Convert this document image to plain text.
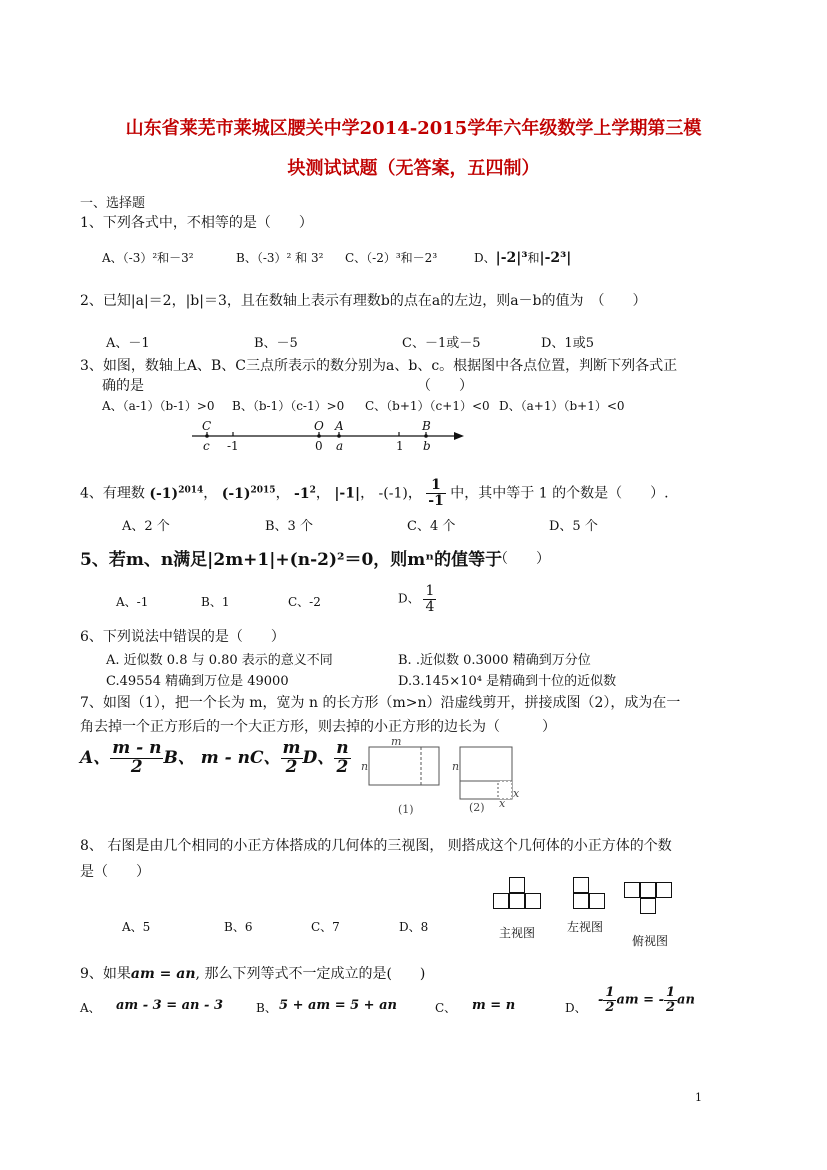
山东省莱芜市莱城区腰关中学2014-2015学年六年级数学上学期第三模
块测试试题（无答案，五四制）
一、选择题
1、下列各式中，不相等的是（　　）
A、（-3）²和－3²	B、（-3）² 和 3² C、（-2）³和－2³	D、|-2|³和|-2³|
2、已知|a|＝2，|b|＝3，且在数轴上表示有理数b的点在a的左边，则a－b的值为　（　　）
A、－1	B、－5	C、－1或－5	D、1或5
3、如图，数轴上A、B、C三点所表示的数分别为a、b、c。根据图中各点位置，判断下列各式正
确的是　　　　　　　　　　　　　　　　　　　　（　　）
A、（a-1）（b-1）>0 B、（b-1）（c-1）>0 C、（b+1）（c+1）<0 D、（a+1）（b+1）<0
C	O A	B
c -1	0 a	1 b
4、有理数 $(-1)^{2014}$， $(-1)^{2015}$， $-1^2$， |-1|， -(-1)， $\frac{1}{-1}$ 中，其中等于 1 的个数是（　　）.
A、2 个	B、3 个	C、4 个	D、5 个
5、若m、n满足|2m+1|+(n-2)²＝0，则mⁿ的值等于
（　　）
A、-1	B、1	C、-2	D、 $\frac{1}{4}$
6、下列说法中错误的是（　　）
A. 近似数 0.8 与 0.80 表示的意义不同	B. .近似数 0.3000 精确到万分位
C.49554 精确到万位是 49000	D.3.145×10⁴ 是精确到十位的近似数
7、如图（1），把一个长为 m，宽为 n 的长方形（m>n）沿虚线剪开，拼接成图（2），成为在一
角去掉一个正方形后的一个大正方形，则去掉的小正方形的边长为（　　　）
A、 $\frac{m - n}{2}$ B、 m - nC、 $\frac{m}{2}$ D、 $\frac{n}{2}$	m
n
(1)
n
x
x
(2)
8、 右图是由几个相同的小正方体搭成的几何体的三视图， 则搭成这个几何体的小正方体的个数
是（　　）
A、5	B、6	C、7	D、8	主视图	左视图
俯视图
9、如果am = an, 那么下列等式不一定成立的是(　　)
A、 am - 3 = an - 3	B、 5 + am = 5 + an	C、 m = n	D、
- $\frac{1}{2}$ am = - $\frac{1}{2}$ an
1
